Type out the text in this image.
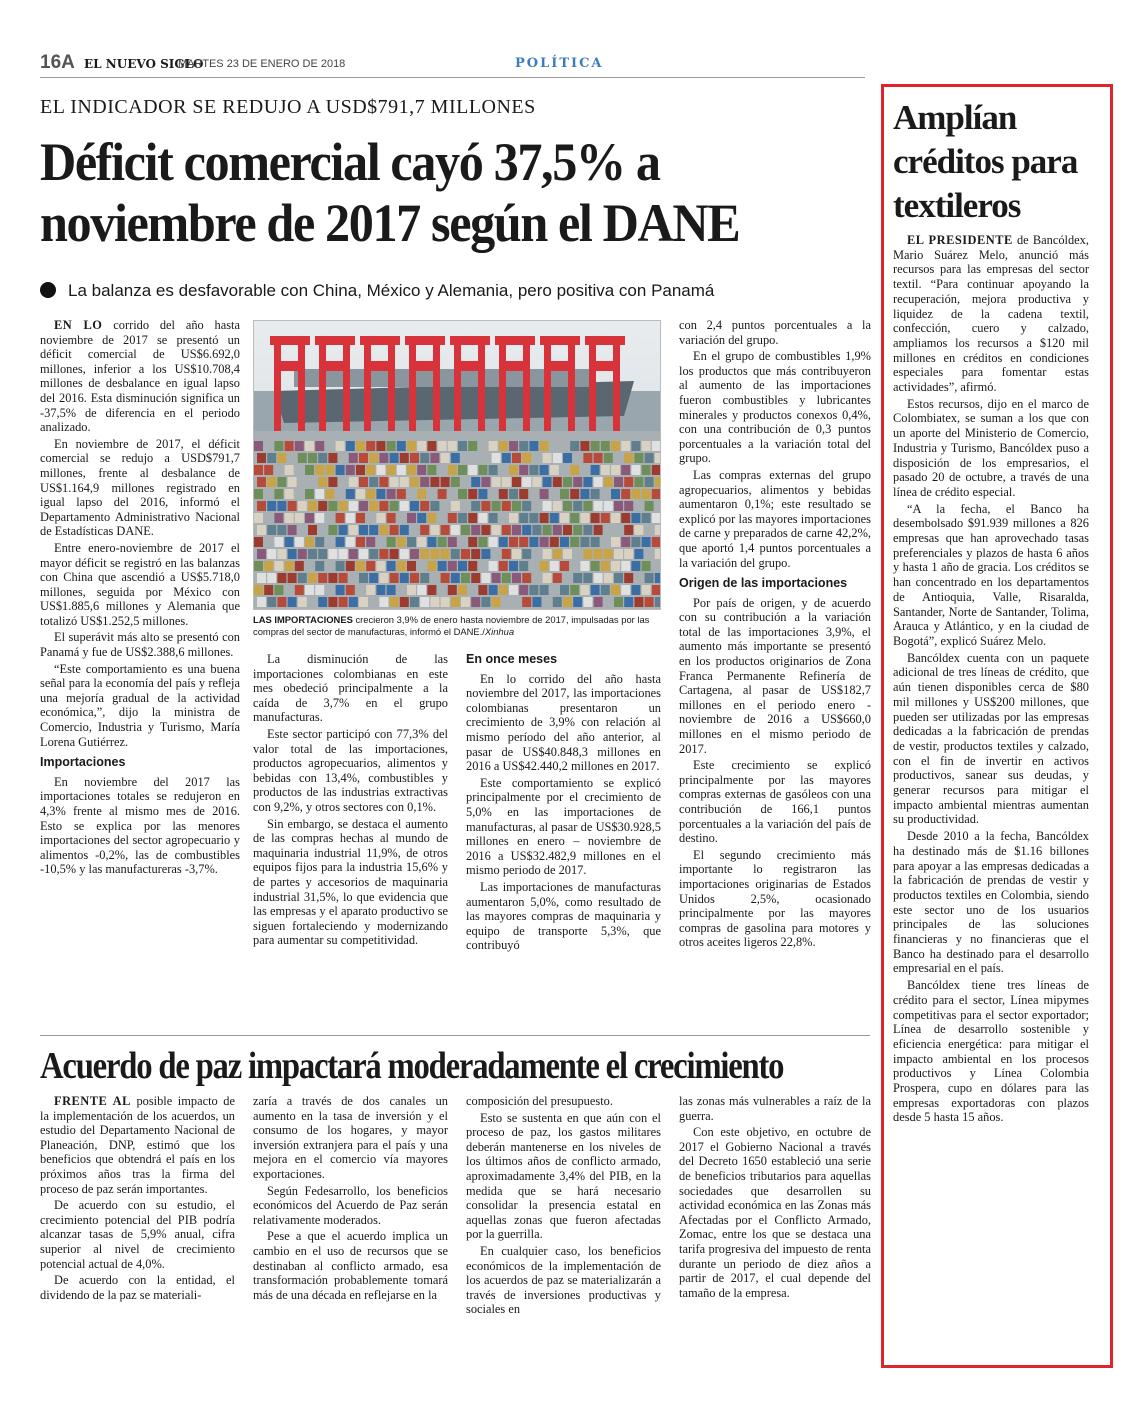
16A EL NUEVO SIGLO
MARTES 23 DE ENERO DE 2018	POLÍTICA
EL INDICADOR SE REDUJO A USD$791,7 MILLONES
Déficit comercial cayó 37,5% a
noviembre de 2017 según el DANE
La balanza es desfavorable con China, México y Alemania, pero positiva con Panamá

EN LO corrido del año hasta noviembre de 2017 se presentó un déficit comercial de US$6.692,0 millones, inferior a los US$10.708,4 millones de desbalance en igual lapso del 2016. Esta disminución significa un -37,5% de diferencia en el periodo analizado.

En noviembre de 2017, el déficit comercial se redujo a USD$791,7 millones, frente al desbalance de US$1.164,9 millones registrado en igual lapso del 2016, informó el Departamento Administrativo Nacional de Estadísticas DANE.

Entre enero-noviembre de 2017 el mayor déficit se registró en las balanzas con China que ascendió a US$5.718,0 millones, seguida por México con US$1.885,6 millones y Alemania que totalizó US$1.252,5 millones.

El superávit más alto se presentó con Panamá y fue de US$2.388,6 millones.

“Este comportamiento es una buena señal para la economía del país y refleja una mejoría gradual de la actividad económica,”, dijo la ministra de Comercio, Industria y Turismo, María Lorena Gutiérrez.

Importaciones

En noviembre del 2017 las importaciones totales se redujeron en 4,3% frente al mismo mes de 2016. Esto se explica por las menores importaciones del sector agropecuario y alimentos -0,2%, las de combustibles -10,5% y las manufactureras -3,7%.

LAS IMPORTACIONES crecieron 3,9% de enero hasta noviembre de 2017, impulsadas por las compras del sector de manufacturas, informó el DANE./Xinhua

La disminución de las importaciones colombianas en este mes obedeció principalmente a la caída de 3,7% en el grupo manufacturas.

Este sector participó con 77,3% del valor total de las importaciones, productos agropecuarios, alimentos y bebidas con 13,4%, combustibles y productos de las industrias extractivas con 9,2%, y otros sectores con 0,1%.

Sin embargo, se destaca el aumento de las compras hechas al mundo de maquinaria industrial 11,9%, de otros equipos fijos para la industria 15,6% y de partes y accesorios de maquinaria industrial 31,5%, lo que evidencia que las empresas y el aparato productivo se siguen fortaleciendo y modernizando para aumentar su competitividad.

En once meses

En lo corrido del año hasta noviembre del 2017, las importaciones colombianas presentaron un crecimiento de 3,9% con relación al mismo período del año anterior, al pasar de US$40.848,3 millones en 2016 a US$42.440,2 millones en 2017.

Este comportamiento se explicó principalmente por el crecimiento de 5,0% en las importaciones de manufacturas, al pasar de US$30.928,5 millones en enero – noviembre de 2016 a US$32.482,9 millones en el mismo periodo de 2017.

Las importaciones de manufacturas aumentaron 5,0%, como resultado de las mayores compras de maquinaria y equipo de transporte 5,3%, que contribuyó

con 2,4 puntos porcentuales a la variación del grupo.

En el grupo de combustibles 1,9% los productos que más contribuyeron al aumento de las importaciones fueron combustibles y lubricantes minerales y productos conexos 0,4%, con una contribución de 0,3 puntos porcentuales a la variación total del grupo.

Las compras externas del grupo agropecuarios, alimentos y bebidas aumentaron 0,1%; este resultado se explicó por las mayores importaciones de carne y preparados de carne 42,2%, que aportó 1,4 puntos porcentuales a la variación del grupo.

Origen de las importaciones

Por país de origen, y de acuerdo con su contribución a la variación total de las importaciones 3,9%, el aumento más importante se presentó en los productos originarios de Zona Franca Permanente Refinería de Cartagena, al pasar de US$182,7 millones en el periodo enero - noviembre de 2016 a US$660,0 millones en el mismo periodo de 2017.

Este crecimiento se explicó principalmente por las mayores compras externas de gasóleos con una contribución de 166,1 puntos porcentuales a la variación del país de destino.

El segundo crecimiento más importante lo registraron las importaciones originarias de Estados Unidos 2,5%, ocasionado principalmente por las mayores compras de gasolina para motores y otros aceites ligeros 22,8%.

Acuerdo de paz impactará moderadamente el crecimiento

FRENTE AL posible impacto de la implementación de los acuerdos, un estudio del Departamento Nacional de Planeación, DNP, estimó que los beneficios que obtendrá el país en los próximos años tras la firma del proceso de paz serán importantes.

De acuerdo con su estudio, el crecimiento potencial del PIB podría alcanzar tasas de 5,9% anual, cifra superior al nivel de crecimiento potencial actual de 4,0%.

De acuerdo con la entidad, el dividendo de la paz se materiali-

zaría a través de dos canales un aumento en la tasa de inversión y el consumo de los hogares, y mayor inversión extranjera para el país y una mejora en el comercio vía mayores exportaciones.

Según Fedesarrollo, los beneficios económicos del Acuerdo de Paz serán relativamente moderados.

Pese a que el acuerdo implica un cambio en el uso de recursos que se destinaban al conflicto armado, esa transformación probablemente tomará más de una década en reflejarse en la

composición del presupuesto.

Esto se sustenta en que aún con el proceso de paz, los gastos militares deberán mantenerse en los niveles de los últimos años de conflicto armado, aproximadamente 3,4% del PIB, en la medida que se hará necesario consolidar la presencia estatal en aquellas zonas que fueron afectadas por la guerrilla.

En cualquier caso, los beneficios económicos de la implementación de los acuerdos de paz se materializarán a través de inversiones productivas y sociales en

las zonas más vulnerables a raíz de la guerra.

Con este objetivo, en octubre de 2017 el Gobierno Nacional a través del Decreto 1650 estableció una serie de beneficios tributarios para aquellas sociedades que desarrollen su actividad económica en las Zonas más Afectadas por el Conflicto Armado, Zomac, entre los que se destaca una tarifa progresiva del impuesto de renta durante un periodo de diez años a partir de 2017, el cual depende del tamaño de la empresa.

Amplían
créditos para
textileros

EL PRESIDENTE de Bancóldex, Mario Suárez Melo, anunció más recursos para las empresas del sector textil. “Para continuar apoyando la recuperación, mejora productiva y liquidez de la cadena textil, confección, cuero y calzado, ampliamos los recursos a $120 mil millones en créditos en condiciones especiales para fomentar estas actividades”, afirmó.

Estos recursos, dijo en el marco de Colombiatex, se suman a los que con un aporte del Ministerio de Comercio, Industria y Turismo, Bancóldex puso a disposición de los empresarios, el pasado 20 de octubre, a través de una línea de crédito especial.

“A la fecha, el Banco ha desembolsado $91.939 millones a 826 empresas que han aprovechado tasas preferenciales y plazos de hasta 6 años y hasta 1 año de gracia. Los créditos se han concentrado en los departamentos de Antioquia, Valle, Risaralda, Santander, Norte de Santander, Tolima, Arauca y Atlántico, y en la ciudad de Bogotá”, explicó Suárez Melo.

Bancóldex cuenta con un paquete adicional de tres líneas de crédito, que aún tienen disponibles cerca de $80 mil millones y US$200 millones, que pueden ser utilizadas por las empresas dedicadas a la fabricación de prendas de vestir, productos textiles y calzado, con el fin de invertir en activos productivos, sanear sus deudas, y generar recursos para mitigar el impacto ambiental mientras aumentan su productividad.

Desde 2010 a la fecha, Bancóldex ha destinado más de $1.16 billones para apoyar a las empresas dedicadas a la fabricación de prendas de vestir y productos textiles en Colombia, siendo este sector uno de los usuarios principales de las soluciones financieras y no financieras que el Banco ha destinado para el desarrollo empresarial en el país.

Bancóldex tiene tres líneas de crédito para el sector, Línea mipymes competitivas para el sector exportador; Línea de desarrollo sostenible y eficiencia energética: para mitigar el impacto ambiental en los procesos productivos y Línea Colombia Prospera, cupo en dólares para las empresas exportadoras con plazos desde 5 hasta 15 años.
